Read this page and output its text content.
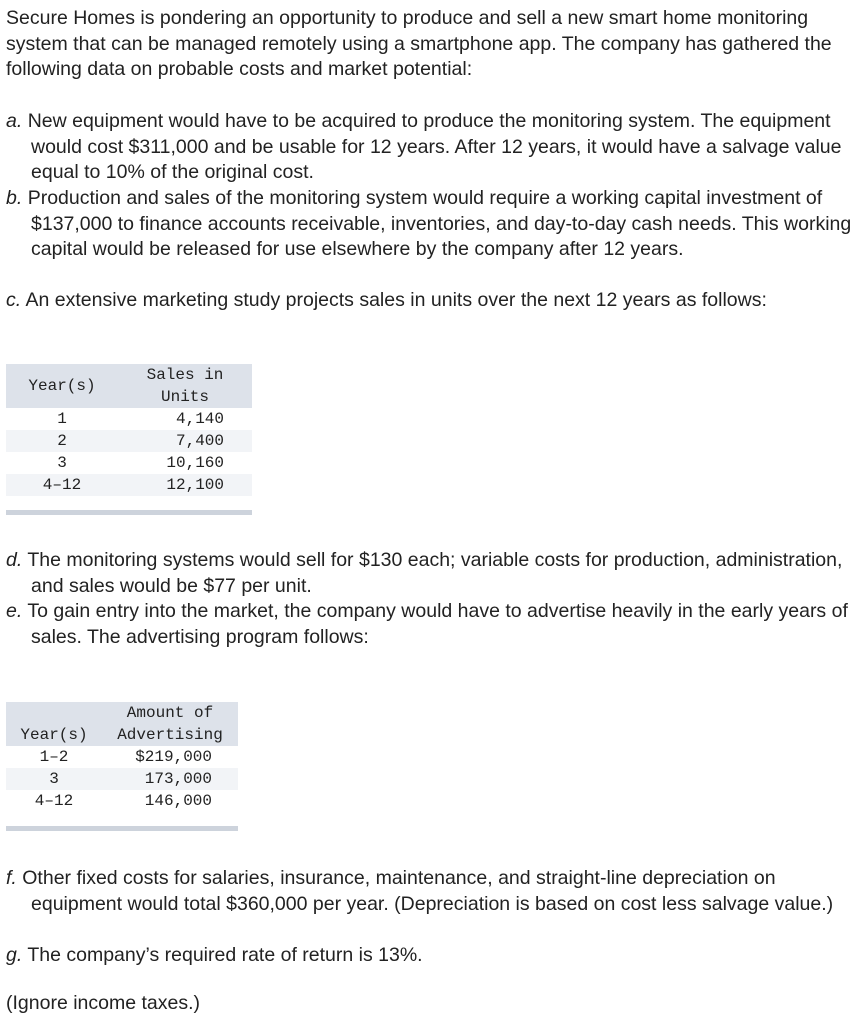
Secure Homes is pondering an opportunity to produce and sell a new smart home monitoring system that can be managed remotely using a smartphone app. The company has gathered the following data on probable costs and market potential:

a. New equipment would have to be acquired to produce the monitoring system. The equipment would cost $311,000 and be usable for 12 years. After 12 years, it would have a salvage value equal to 10% of the original cost.
b. Production and sales of the monitoring system would require a working capital investment of $137,000 to finance accounts receivable, inventories, and day-to-day cash needs. This working capital would be released for use elsewhere by the company after 12 years.
c. An extensive marketing study projects sales in units over the next 12 years as follows:
Year(s)	Sales in
Units
1	4,140
2	7,400
3	10,160
4–12	12,100
d. The monitoring systems would sell for $130 each; variable costs for production, administration, and sales would be $77 per unit.
e. To gain entry into the market, the company would have to advertise heavily in the early years of sales. The advertising program follows:
Year(s)	Amount of
Advertising
1–2	$219,000
3	173,000
4–12	146,000
f. Other fixed costs for salaries, insurance, maintenance, and straight-line depreciation on equipment would total $360,000 per year. (Depreciation is based on cost less salvage value.)
g. The company’s required rate of return is 13%.

(Ignore income taxes.)
